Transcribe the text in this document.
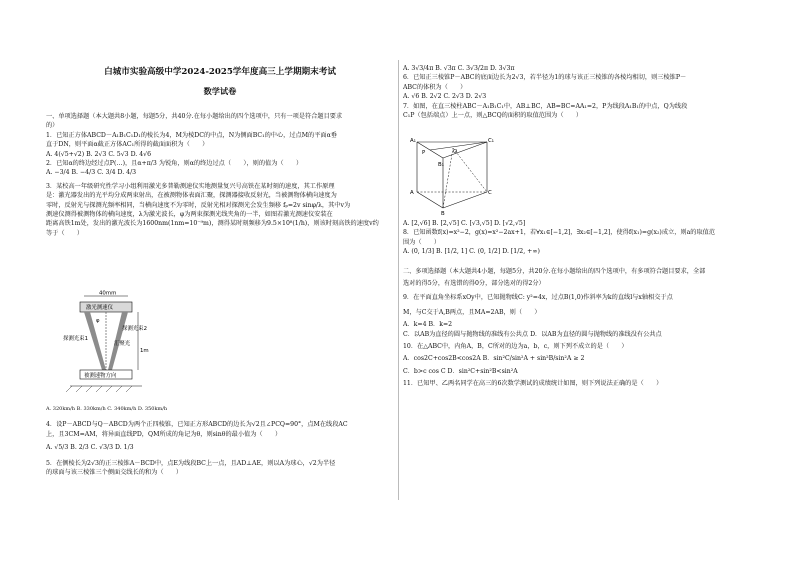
白城市实验高级中学2024-2025学年度高三上学期期末考试
数学试卷

一、单项选择题（本大题共8小题，每题5分，共40分.在每小题给出的四个选项中，只有一项是符合题目要求

的）

1．已知正方体ABCD－A₁B₁C₁D₁的棱长为4，M为棱DC的中点，N为侧面BC₁的中心，过点M的平面α垂

直于DN，则平面α截正方体AC₁所得的截面面积为（　　）

A. 4(√5+√2) B. 2√3 C. 5√3 D. 4√6

2．已知α的终边经过点P(…)，且α+π/3 为锐角，则α的终边过点（　　），则的值为（　　）

A. −3/4 B. −4/3 C. 3/4 D. 4/3

3．某校高一年级研究性学习小组利用激光多普勒测速仪实地测量复兴号高铁在某时刻的速度，其工作原理

是：激光器发出的光平均分成两束射出，在被测物体表面汇聚，探测器接收反射光，当被测物体横向速度为

零时，反射光与探测光频率相同，当横向速度不为零时，反射光相对探测光会发生频移 fₚ=2v sinφ/λ，其中v为

测速仪测得被测物体的横向速度，λ为激光波长，φ为两束探测光线夹角的一半，如图若激光测速仪安装在

距离高铁1m处，发出的激光波长为1600nm(1nm=10⁻⁹m)，测得某时刻频移为9.5×10⁸(1/h)，则该时刻高铁的速度v约

等于（　　）

40mm
激光测速仪
φ
探测光束1
探测光束2
汇聚光
1m
被测速物方向

A. 320km/h B. 330km/h C. 340km/h D. 350km/h

4．设P－ABCD与Q－ABCD为两个正四棱锥，已知正方形ABCD的边长为√2且∠PCQ=90°，点M在线段AC

上，且3CM=AM，将异面直线PD，QM所成的角记为θ，则sinθ的最小值为（　　）

A. √5/3 B. 2/3 C. √3/3 D. 1/3

5．在侧棱长为2√3的正三棱锥A－BCD中，点E为线段BC上一点，且AD⊥AE，则以A为球心，√2为半径

的球面与该三棱锥三个侧面交线长的和为（　　）

A. 3√3/4π B. √3π C. 3√3/2π D. 3√3π

6．已知正三棱锥P－ABC的底面边长为2√3，若半径为1的球与该正三棱锥的各棱均相切，则三棱锥P－

ABC的体积为（　　）

A. √6 B. 2√2 C. 2√3 D. 2√3

7．如图，在直三棱柱ABC－A₁B₁C₁中，AB⊥BC，AB=BC=AA₁=2，P为线段A₁B₁的中点，Q为线段

C₁P（包括端点）上一点，则△BCQ的面积的取值范围为（　　）

A₁	C₁
B₁
P	Q
A
B
C

A. [2,√6] B. [2,√5] C. [√3,√5] D. [√2,√5]

8．已知函数f(x)=x²−2，g(x)=x²−2ax+1，若∀x₁∈[−1,2]，∃x₂∈[−1,2]，使得f(x₁)=g(x₂)成立，则a的取值范

围为（　　）

A. (0, 1/3] B. [1/2, 1] C. (0, 1/2] D. [1/2, +∞)

二、多项选择题（本大题共4小题，每题5分，共20分.在每小题给出的四个选项中，有多项符合题目要求，全部

选对的得5分，有选错的得0分，部分选对的得2分）

9．在平面直角坐标系xOy中，已知抛物线C: y²=4x，过点B(1,0)作斜率为k的直线l与x轴相交于点

M，与C交于A,B两点，且MA=2AB，则（　　）

A．k=4 B．k=2

C．以AB为直径的圆与抛物线的准线有公共点 D．以AB为直径的圆与抛物线的准线没有公共点

10．在△ABC中，内角A，B，C所对的边为a，b，c，则下列不成立的是（　　）

A．cos2C+cos2B<cos2A B．sin²C/sin²A + sin²B/sin²A ≥ 2

C．b>c cos C D．sin²C+sin²B<sin²A

11．已知甲、乙两名同学在高三的6次数学测试的成绩统计如图，则下列说法正确的是（　　）
